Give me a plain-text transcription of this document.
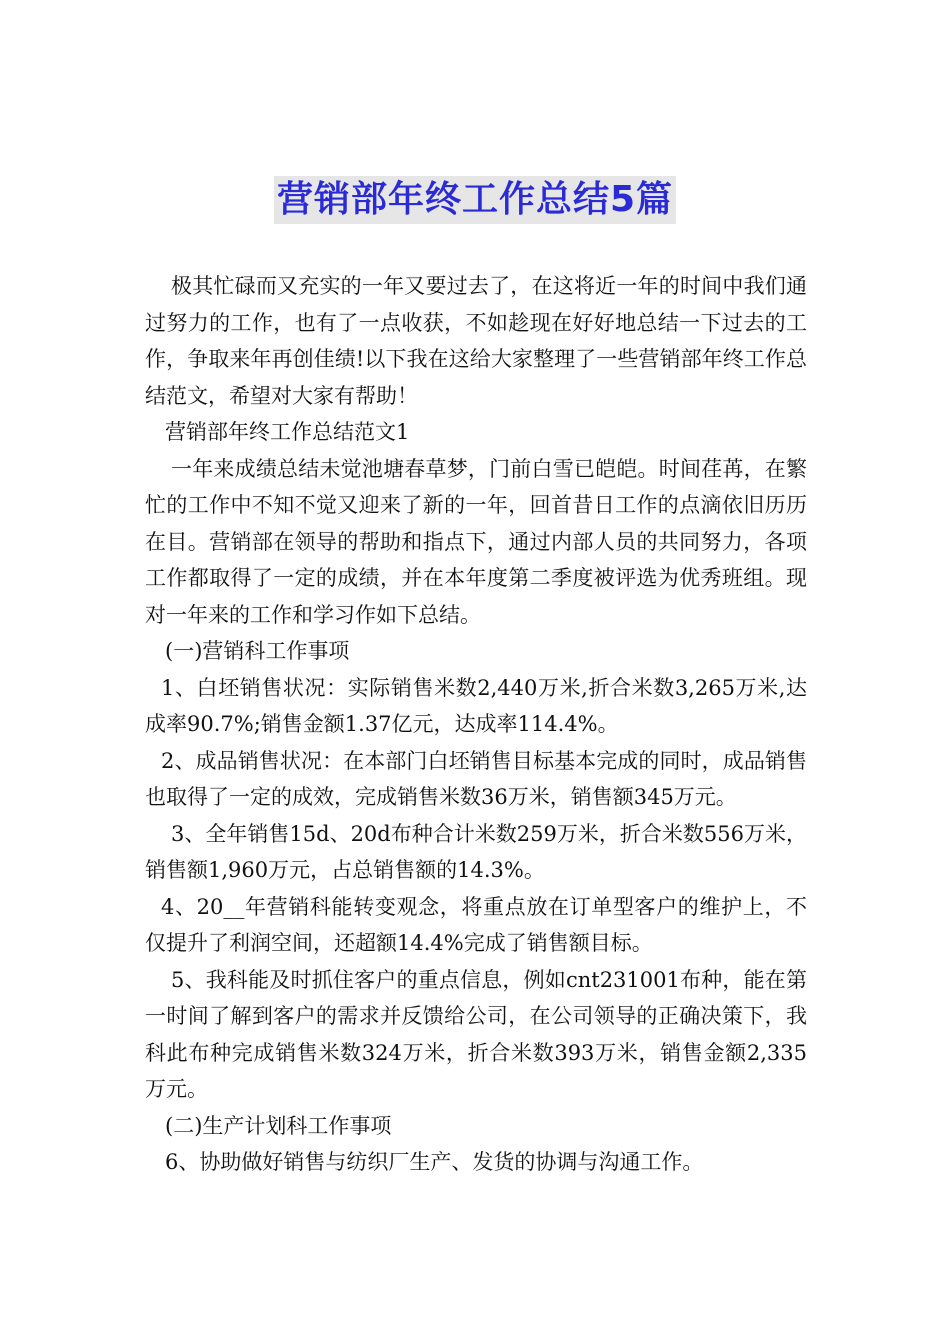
营销部年终工作总结5篇

极其忙碌而又充实的一年又要过去了，在这将近一年的时间中我们通过努力的工作，也有了一点收获，不如趁现在好好地总结一下过去的工作，争取来年再创佳绩!以下我在这给大家整理了一些营销部年终工作总结范文，希望对大家有帮助！

营销部年终工作总结范文1

一年来成绩总结未觉池塘春草梦，门前白雪已皑皑。时间荏苒，在繁忙的工作中不知不觉又迎来了新的一年，回首昔日工作的点滴依旧历历在目。营销部在领导的帮助和指点下，通过内部人员的共同努力，各项工作都取得了一定的成绩，并在本年度第二季度被评选为优秀班组。现对一年来的工作和学习作如下总结。

(一)营销科工作事项

1、白坯销售状况：实际销售米数2,440万米,折合米数3,265万米,达成率90.7%;销售金额1.37亿元，达成率114.4%。

2、成品销售状况：在本部门白坯销售目标基本完成的同时，成品销售也取得了一定的成效，完成销售米数36万米，销售额345万元。

3、全年销售15d、20d布种合计米数259万米，折合米数556万米，销售额1,960万元，占总销售额的14.3%。

4、20__年营销科能转变观念，将重点放在订单型客户的维护上，不仅提升了利润空间，还超额14.4%完成了销售额目标。

5、我科能及时抓住客户的重点信息，例如cnt231001布种，能在第一时间了解到客户的需求并反馈给公司，在公司领导的正确决策下，我科此布种完成销售米数324万米，折合米数393万米，销售金额2,335万元。

(二)生产计划科工作事项

6、协助做好销售与纺织厂生产、发货的协调与沟通工作。
